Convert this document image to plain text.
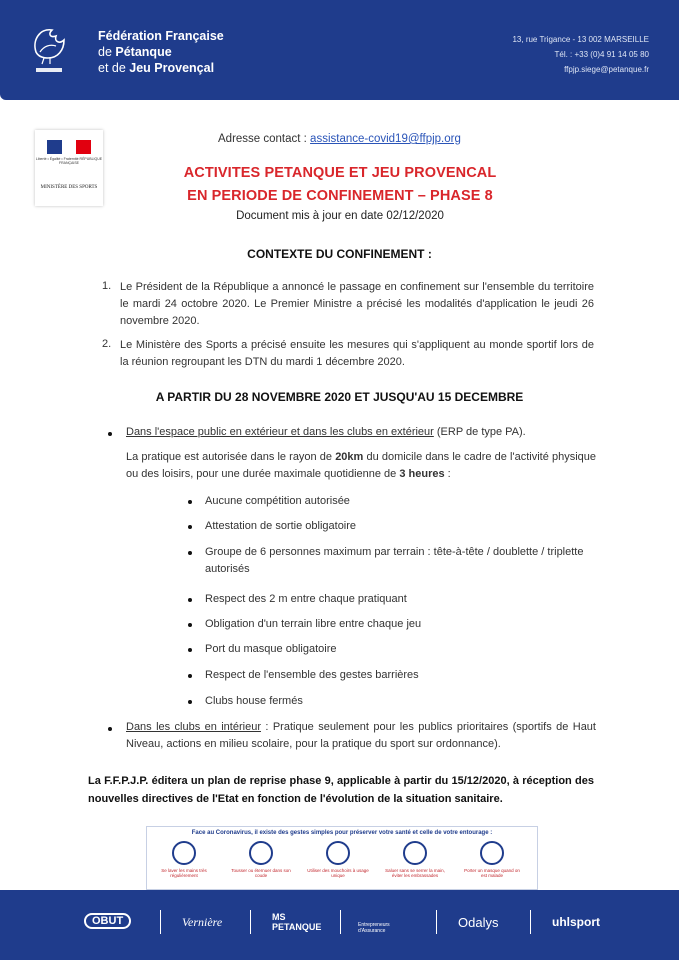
Fédération Française
de Pétanque
et de Jeu Provençal
13, rue Trigance - 13 002 MARSEILLE
Tél. : +33 (0)4 91 14 05 80
ffpjp.siege@petanque.fr
Liberté • Égalité • Fraternité RÉPUBLIQUE FRANÇAISE
MINISTÈRE DES SPORTS
Adresse contact : assistance-covid19@ffpjp.org
ACTIVITES PETANQUE ET JEU PROVENCAL
EN PERIODE DE CONFINEMENT – PHASE 8
Document mis à jour en date 02/12/2020
CONTEXTE DU CONFINEMENT :
1. Le Président de la République a annoncé le passage en confinement sur l'ensemble du territoire le mardi 24 octobre 2020. Le Premier Ministre a précisé les modalités d'application le jeudi 26 novembre 2020.
2. Le Ministère des Sports a précisé ensuite les mesures qui s'appliquent au monde sportif lors de la réunion regroupant les DTN du mardi 1 décembre 2020.
A PARTIR DU 28 NOVEMBRE 2020 ET JUSQU'AU 15 DECEMBRE
Dans l'espace public en extérieur et dans les clubs en extérieur (ERP de type PA).
La pratique est autorisée dans le rayon de 20km du domicile dans le cadre de l'activité physique ou des loisirs, pour une durée maximale quotidienne de 3 heures :
Aucune compétition autorisée
Attestation de sortie obligatoire
Groupe de 6 personnes maximum par terrain : tête-à-tête / doublette / triplette autorisés
Respect des 2 m entre chaque pratiquant
Obligation d'un terrain libre entre chaque jeu
Port du masque obligatoire
Respect de l'ensemble des gestes barrières
Clubs house fermés
Dans les clubs en intérieur : Pratique seulement pour les publics prioritaires (sportifs de Haut Niveau, actions en milieu scolaire, pour la pratique du sport sur ordonnance).
La F.F.P.J.P. éditera un plan de reprise phase 9, applicable à partir du 15/12/2020, à réception des nouvelles directives de l'Etat en fonction de l'évolution de la situation sanitaire.
Face au Coronavirus, il existe des gestes simples pour préserver votre santé et celle de votre entourage :
Se laver les mains très régulièrement
Tousser ou éternuer dans son coude
Utiliser des mouchoirs à usage unique
Saluer sans se serrer la main, éviter les embrassades
Porter un masque quand on est malade
OBUT	Vernière	MS PETANQUE	Entrepreneurs d'Assurance
Odalys	uhlsport
